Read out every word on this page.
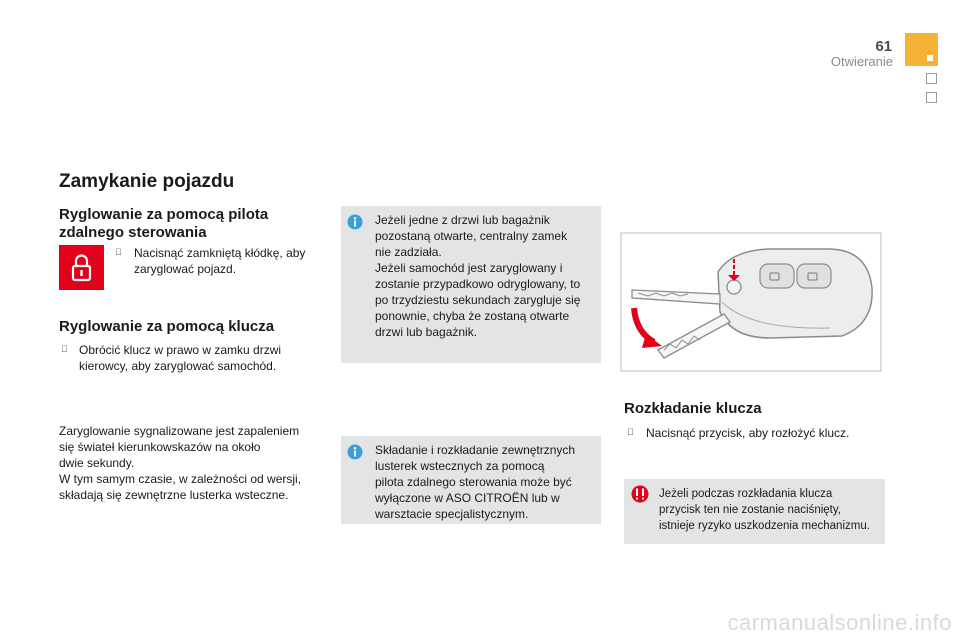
61
Otwieranie
Zamykanie pojazdu
Ryglowanie za pomocą pilota
zdalnego sterowania
Nacisnąć zamkniętą kłódkę, aby
zaryglować pojazd.
Ryglowanie za pomocą klucza
Obrócić klucz w prawo w zamku drzwi
kierowcy, aby zaryglować samochód.
Zaryglowanie sygnalizowane jest zapaleniem
się świateł kierunkowskazów na około
dwie sekundy.
W tym samym czasie, w zależności od wersji,
składają się zewnętrzne lusterka wsteczne.
Jeżeli jedne z drzwi lub bagażnik
pozostaną otwarte, centralny zamek
nie zadziała.
Jeżeli samochód jest zaryglowany i
zostanie przypadkowo odryglowany, to
po trzydziestu sekundach zarygluje się
ponownie, chyba że zostaną otwarte
drzwi lub bagażnik.
Składanie i rozkładanie zewnętrznych
lusterek wstecznych za pomocą
pilota zdalnego sterowania może być
wyłączone w ASO CITROËN lub w
warsztacie specjalistycznym.
Rozkładanie klucza
Nacisnąć przycisk, aby rozłożyć klucz.
Jeżeli podczas rozkładania klucza
przycisk ten nie zostanie naciśnięty,
istnieje ryzyko uszkodzenia mechanizmu.
carmanualsonline.info
